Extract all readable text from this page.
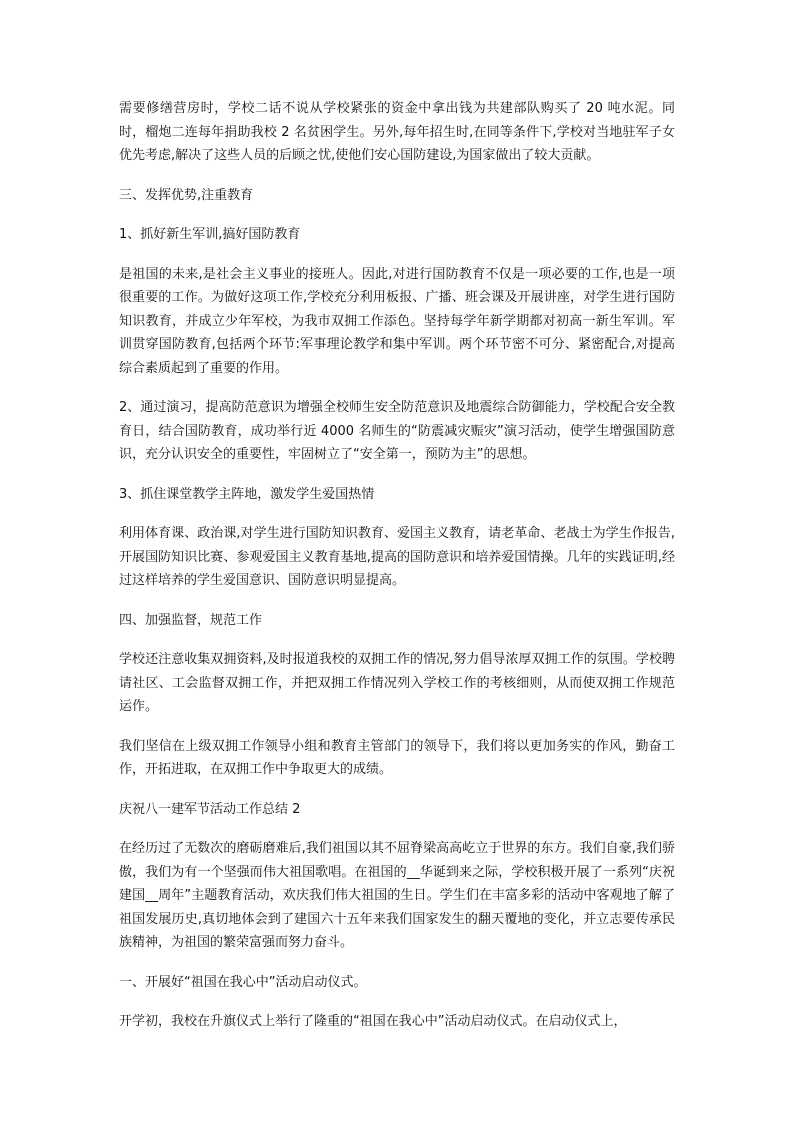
需要修缮营房时，学校二话不说从学校紧张的资金中拿出钱为共建部队购买了 20 吨水泥。同时，榴炮二连每年捐助我校 2 名贫困学生。另外,每年招生时,在同等条件下,学校对当地驻军子女优先考虑,解决了这些人员的后顾之忧,使他们安心国防建设,为国家做出了较大贡献。

三、发挥优势,注重教育

1、抓好新生军训,搞好国防教育

是祖国的未来,是社会主义事业的接班人。因此,对进行国防教育不仅是一项必要的工作,也是一项很重要的工作。为做好这项工作,学校充分利用板报、广播、班会课及开展讲座，对学生进行国防知识教育，并成立少年军校，为我市双拥工作添色。坚持每学年新学期都对初高一新生军训。军训贯穿国防教育,包括两个环节:军事理论教学和集中军训。两个环节密不可分、紧密配合,对提高综合素质起到了重要的作用。

2、通过演习，提高防范意识为增强全校师生安全防范意识及地震综合防御能力，学校配合安全教育日，结合国防教育，成功举行近 4000 名师生的“防震减灾赈灾”演习活动，使学生增强国防意识，充分认识安全的重要性，牢固树立了“安全第一，预防为主”的思想。

3、抓住课堂教学主阵地，激发学生爱国热情

利用体育课、政治课,对学生进行国防知识教育、爱国主义教育，请老革命、老战士为学生作报告,开展国防知识比赛、参观爱国主义教育基地,提高的国防意识和培养爱国情操。几年的实践证明,经过这样培养的学生爱国意识、国防意识明显提高。

四、加强监督，规范工作

学校还注意收集双拥资料,及时报道我校的双拥工作的情况,努力倡导浓厚双拥工作的氛围。学校聘请社区、工会监督双拥工作，并把双拥工作情况列入学校工作的考核细则，从而使双拥工作规范运作。

我们坚信在上级双拥工作领导小组和教育主管部门的领导下，我们将以更加务实的作风，勤奋工作，开拓进取，在双拥工作中争取更大的成绩。

庆祝八一建军节活动工作总结 2

在经历过了无数次的磨砺磨难后,我们祖国以其不屈脊梁高高屹立于世界的东方。我们自豪,我们骄傲，我们为有一个坚强而伟大祖国歌唱。在祖国的__华诞到来之际，学校积极开展了一系列“庆祝建国__周年”主题教育活动，欢庆我们伟大祖国的生日。学生们在丰富多彩的活动中客观地了解了祖国发展历史,真切地体会到了建国六十五年来我们国家发生的翻天覆地的变化，并立志要传承民族精神，为祖国的繁荣富强而努力奋斗。

一、开展好“祖国在我心中”活动启动仪式。

开学初，我校在升旗仪式上举行了隆重的“祖国在我心中”活动启动仪式。在启动仪式上，
